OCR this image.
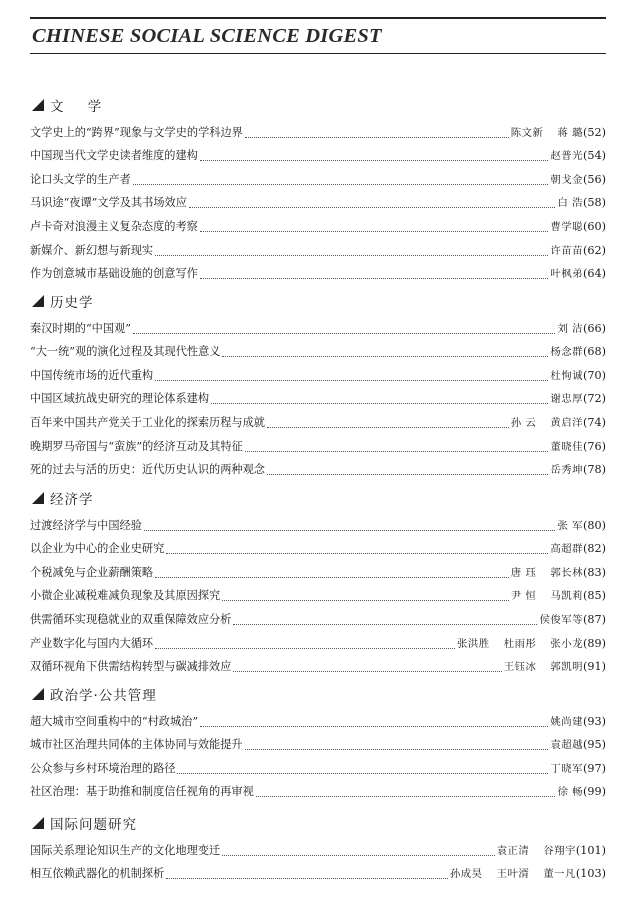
CHINESE SOCIAL SCIENCE DIGEST
文 学
文学史上的“跨界”现象与文学史的学科边界	陈文新 蒋 璐 (52)
中国现当代文学史读者维度的建构	赵普光 (54)
论口头文学的生产者	朝戈金 (56)
马识途“夜谭”文学及其书场效应	白 浩 (58)
卢卡奇对浪漫主义复杂态度的考察	曹学聪 (60)
新媒介、新幻想与新现实	许苗苗 (62)
作为创意城市基础设施的创意写作	叶枫弟 (64)
历史学
秦汉时期的“中国观”	刘 洁 (66)
“大一统”观的演化过程及其现代性意义	杨念群 (68)
中国传统市场的近代重构	杜恂诚 (70)
中国区域抗战史研究的理论体系建构	谢忠厚 (72)
百年来中国共产党关于工业化的探索历程与成就	孙 云 黄启洋 (74)
晚期罗马帝国与“蛮族”的经济互动及其特征	董晓佳 (76)
死的过去与活的历史：近代历史认识的两种观念	岳秀坤 (78)
经济学
过渡经济学与中国经验	张 军 (80)
以企业为中心的企业史研究	高超群 (82)
个税减免与企业薪酬策略	唐 珏 郭长林 (83)
小微企业减税难减负现象及其原因探究	尹 恒 马凯莉 (85)
供需循环实现稳就业的双重保障效应分析	侯俊军等 (87)
产业数字化与国内大循环	张洪胜 杜雨彤 张小龙 (89)
双循环视角下供需结构转型与碳减排效应	王钰冰 郭凯明 (91)
政治学·公共管理
超大城市空间重构中的“村政城治”	姚尚建 (93)
城市社区治理共同体的主体协同与效能提升	袁超越 (95)
公众参与乡村环境治理的路径	丁晓军 (97)
社区治理：基于助推和制度信任视角的再审视	徐 畅 (99)
国际问题研究
国际关系理论知识生产的文化地理变迁	袁正清 谷翔宇 (101)
相互依赖武器化的机制探析	孙成昊 王叶湑 董一凡 (103)
